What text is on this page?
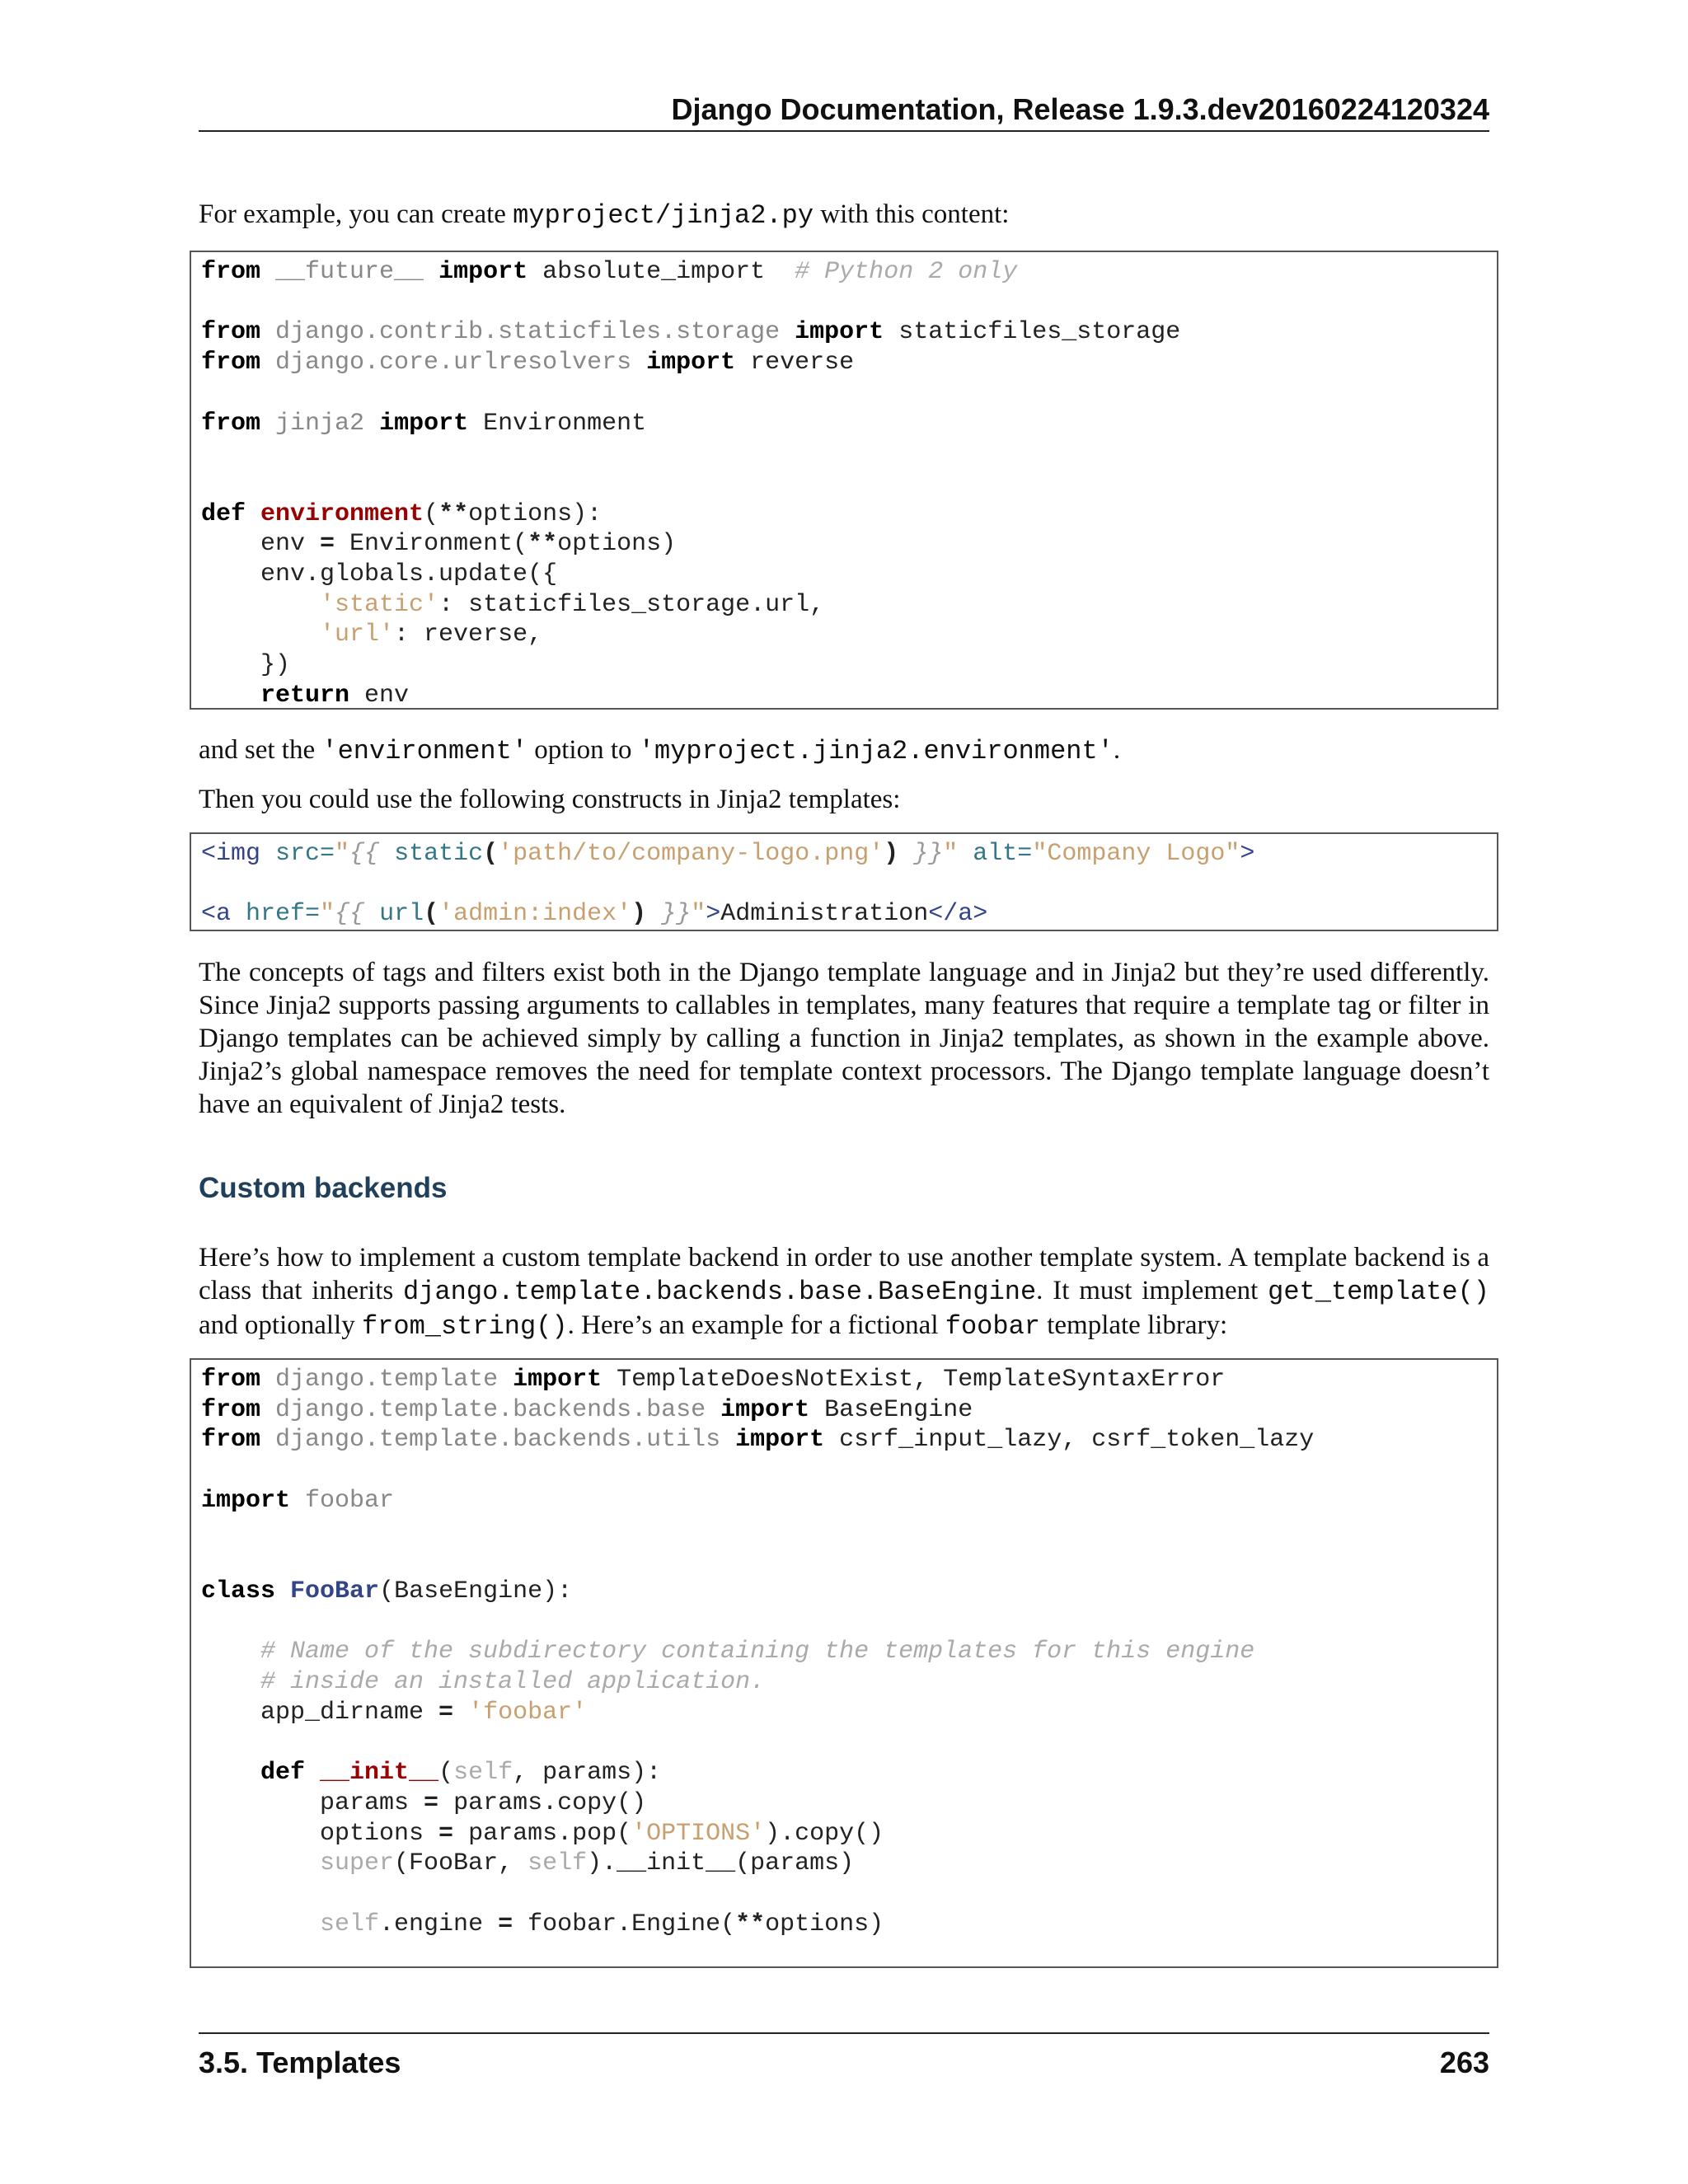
Django Documentation, Release 1.9.3.dev20160224120324

For example, you can create myproject/jinja2.py with this content:

from __future__ import absolute_import  # Python 2 only

from django.contrib.staticfiles.storage import staticfiles_storage
from django.core.urlresolvers import reverse

from jinja2 import Environment

def environment(**options):
env = Environment(**options)
env.globals.update({
'static': staticfiles_storage.url,
'url': reverse,
})
return env

and set the 'environment' option to 'myproject.jinja2.environment'.

Then you could use the following constructs in Jinja2 templates:

<img src="{{ static('path/to/company-logo.png') }}" alt="Company Logo">

<a href="{{ url('admin:index') }}">Administration</a>

The concepts of tags and filters exist both in the Django template language and in Jinja2 but they’re used differently. Since Jinja2 supports passing arguments to callables in templates, many features that require a template tag or filter in Django templates can be achieved simply by calling a function in Jinja2 templates, as shown in the example above. Jinja2’s global namespace removes the need for template context processors. The Django template language doesn’t have an equivalent of Jinja2 tests.

Custom backends

Here’s how to implement a custom template backend in order to use another template system. A template backend is a class that inherits django.template.backends.base.BaseEngine. It must implement get_template() and optionally from_string(). Here’s an example for a fictional foobar template library:

from django.template import TemplateDoesNotExist, TemplateSyntaxError
from django.template.backends.base import BaseEngine
from django.template.backends.utils import csrf_input_lazy, csrf_token_lazy

import foobar

class FooBar(BaseEngine):

# Name of the subdirectory containing the templates for this engine
# inside an installed application.
app_dirname = 'foobar'

def __init__(self, params):
params = params.copy()
options = params.pop('OPTIONS').copy()
super(FooBar, self).__init__(params)

self.engine = foobar.Engine(**options)
3.5. Templates	263
